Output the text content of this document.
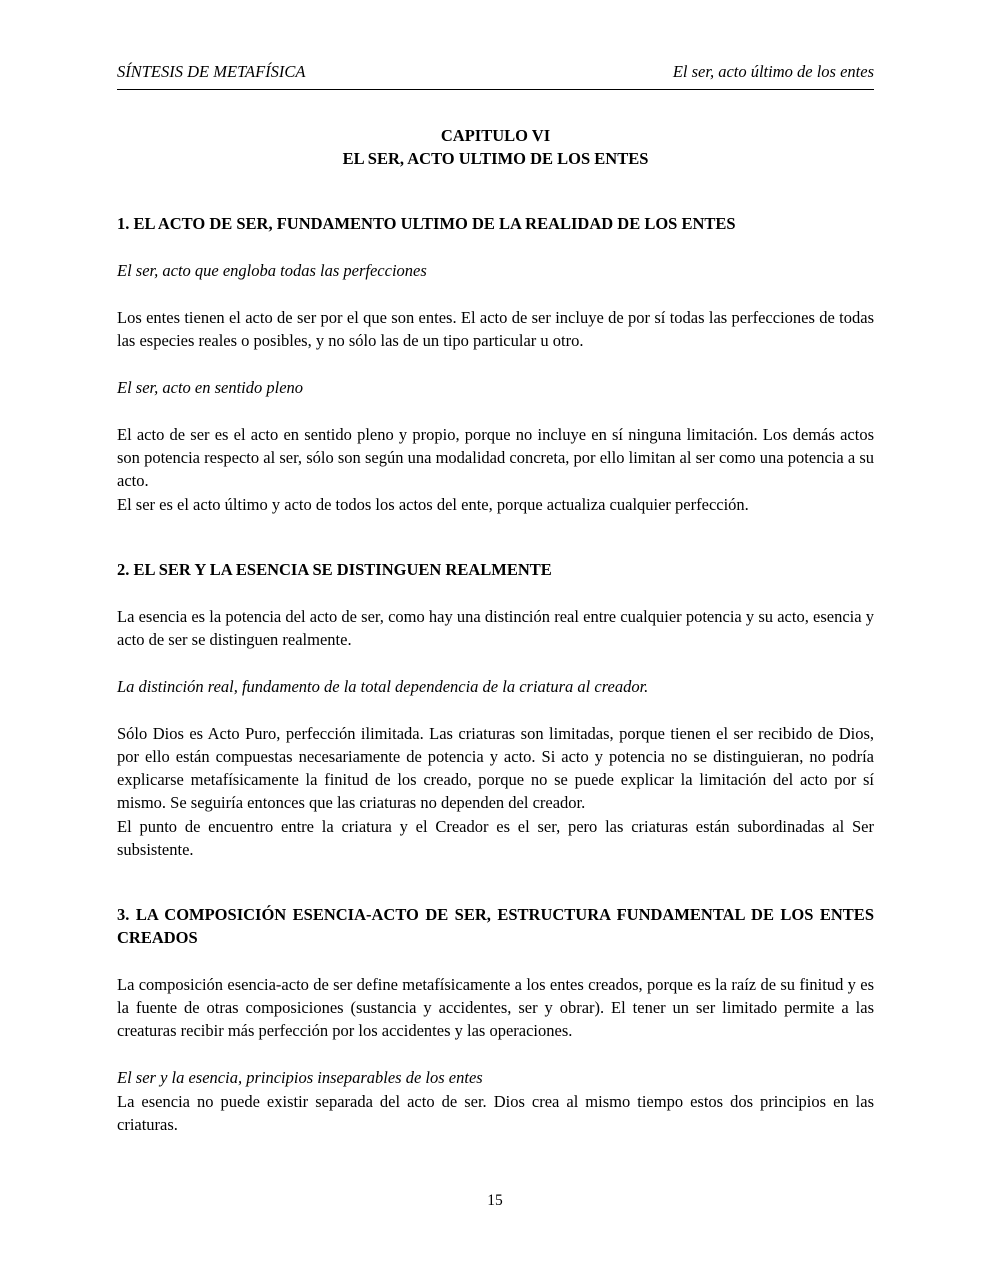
SÍNTESIS DE METAFÍSICA	El ser, acto último de los entes
CAPITULO VI
EL SER, ACTO ULTIMO DE LOS ENTES

1. EL ACTO DE SER, FUNDAMENTO ULTIMO DE LA REALIDAD DE LOS ENTES

El ser, acto que engloba todas las perfecciones

Los entes tienen el acto de ser por el que son entes. El acto de ser incluye de por sí todas las perfecciones de todas las especies reales o posibles, y no sólo las de un tipo particular u otro.

El ser, acto en sentido pleno

El acto de ser es el acto en sentido pleno y propio, porque no incluye en sí ninguna limitación. Los demás actos son potencia respecto al ser, sólo son según una modalidad concreta, por ello limitan al ser como una potencia a su acto.

El ser es el acto último y acto de todos los actos del ente, porque actualiza cualquier perfección.

2. EL SER Y LA ESENCIA SE DISTINGUEN REALMENTE

La esencia es la potencia del acto de ser, como hay una distinción real entre cualquier potencia y su acto, esencia y acto de ser se distinguen realmente.

La distinción real, fundamento de la total dependencia de la criatura al creador.

Sólo Dios es Acto Puro, perfección ilimitada. Las criaturas son limitadas, porque tienen el ser recibido de Dios, por ello están compuestas necesariamente de potencia y acto. Si acto y potencia no se distinguieran, no podría explicarse metafísicamente la finitud de los creado, porque no se puede explicar la limitación del acto por sí mismo. Se seguiría entonces que las criaturas no dependen del creador.

El punto de encuentro entre la criatura y el Creador es el ser, pero las criaturas están subordinadas al Ser subsistente.

3. LA COMPOSICIÓN ESENCIA-ACTO DE SER, ESTRUCTURA FUNDAMENTAL DE LOS ENTES CREADOS

La composición esencia-acto de ser define metafísicamente a los entes creados, porque es la raíz de su finitud y es la fuente de otras composiciones (sustancia y accidentes, ser y obrar). El tener un ser limitado permite a las creaturas recibir más perfección por los accidentes y las operaciones.

El ser y la esencia, principios inseparables de los entes

La esencia no puede existir separada del acto de ser. Dios crea al mismo tiempo estos dos principios en las criaturas.

15
